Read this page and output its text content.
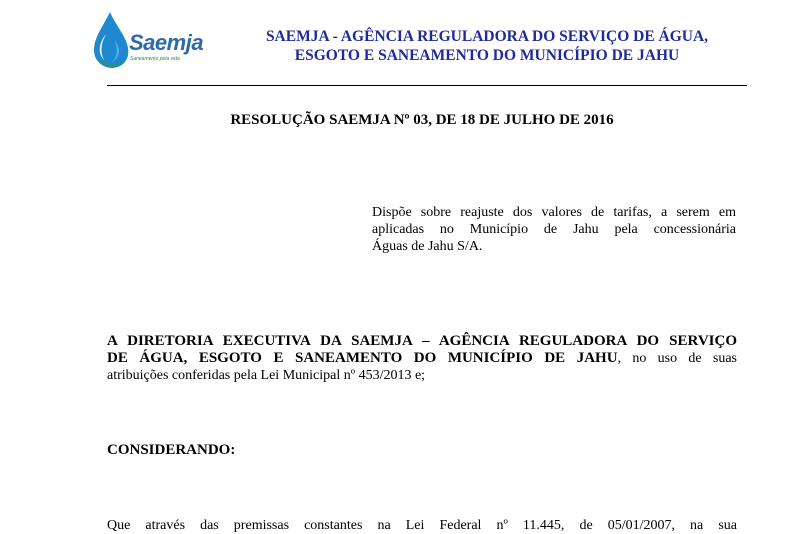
Saemja
Saneamento pela vida
SAEMJA - AGÊNCIA REGULADORA DO SERVIÇO DE ÁGUA,
ESGOTO E SANEAMENTO DO MUNICÍPIO DE JAHU
RESOLUÇÃO SAEMJA Nº 03, DE 18 DE JULHO DE 2016
Dispõe sobre reajuste dos valores de tarifas, a serem em
aplicadas no Município de Jahu pela concessionária
Águas de Jahu S/A.
A DIRETORIA EXECUTIVA DA SAEMJA – AGÊNCIA REGULADORA DO SERVIÇO
DE ÁGUA, ESGOTO E SANEAMENTO DO MUNICÍPIO DE JAHU, no uso de suas
atribuições conferidas pela Lei Municipal nº 453/2013 e;
CONSIDERANDO:
Que através das premissas constantes na Lei Federal nº 11.445, de 05/01/2007, na sua
